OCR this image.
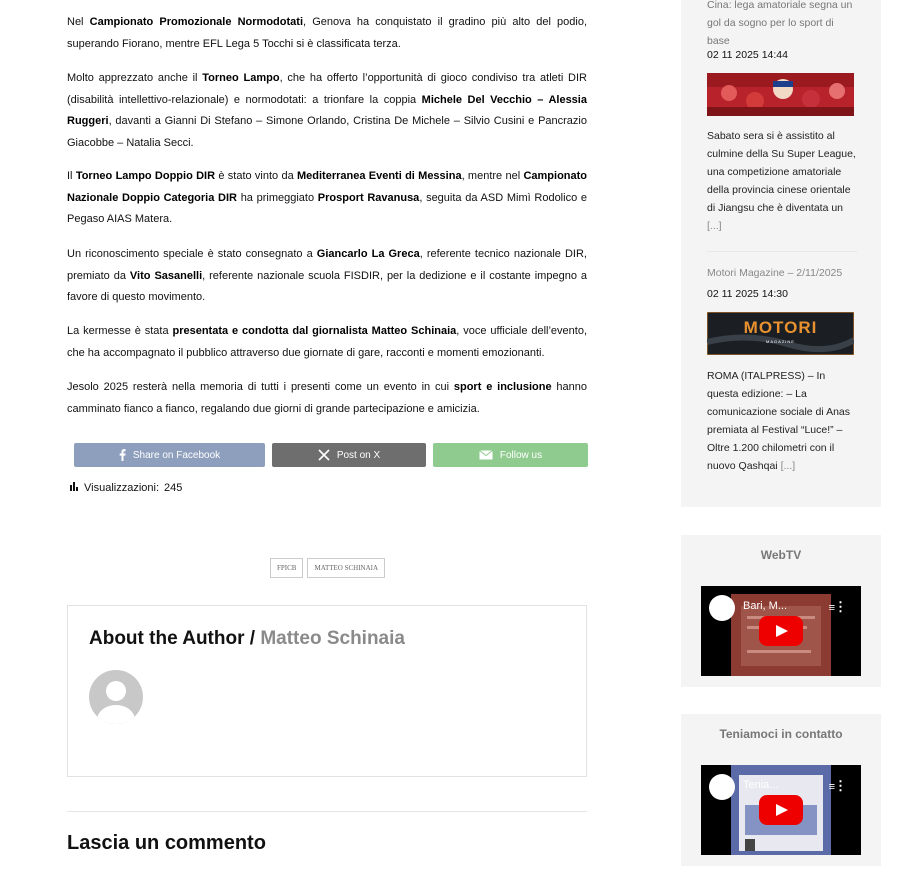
Nel Campionato Promozionale Normodotati, Genova ha conquistato il gradino più alto del podio, superando Fiorano, mentre EFL Lega 5 Tocchi si è classificata terza.

Molto apprezzato anche il Torneo Lampo, che ha offerto l’opportunità di gioco condiviso tra atleti DIR (disabilità intellettivo-relazionale) e normodotati: a trionfare la coppia Michele Del Vecchio – Alessia Ruggeri, davanti a Gianni Di Stefano – Simone Orlando, Cristina De Michele – Silvio Cusini e Pancrazio Giacobbe – Natalia Secci.

Il Torneo Lampo Doppio DIR è stato vinto da Mediterranea Eventi di Messina, mentre nel Campionato Nazionale Doppio Categoria DIR ha primeggiato Prosport Ravanusa, seguita da ASD Mimì Rodolico e Pegaso AIAS Matera.

Un riconoscimento speciale è stato consegnato a Giancarlo La Greca, referente tecnico nazionale DIR, premiato da Vito Sasanelli, referente nazionale scuola FISDIR, per la dedizione e il costante impegno a favore di questo movimento.

La kermesse è stata presentata e condotta dal giornalista Matteo Schinaia, voce ufficiale dell’evento, che ha accompagnato il pubblico attraverso due giornate di gare, racconti e momenti emozionanti.

Jesolo 2025 resterà nella memoria di tutti i presenti come un evento in cui sport e inclusione hanno camminato fianco a fianco, regalando due giorni di grande partecipazione e amicizia.

Share on Facebook	Post on X	Follow us
Visualizzazioni: 245
FPICB	MATTEO SCHINAIA
About the Author / Matteo Schinaia
Lascia un commento
Cina: lega amatoriale segna un gol da sogno per lo sport di base
02 11 2025 14:44
Sabato sera si è assistito al culmine della Su Super League, una competizione amatoriale della provincia cinese orientale di Jiangsu che è diventata un [...]
Motori Magazine – 2/11/2025
02 11 2025 14:30
MOTORI
MAGAZINE
ROMA (ITALPRESS) – In questa edizione: – La comunicazione sociale di Anas premiata al Festival “Luce!” – Oltre 1.200 chilometri con il nuovo Qashqai [...]
WebTV
Bari, M...	≡ ⋮
Teniamoci in contatto
Tenia...	≡ ⋮
